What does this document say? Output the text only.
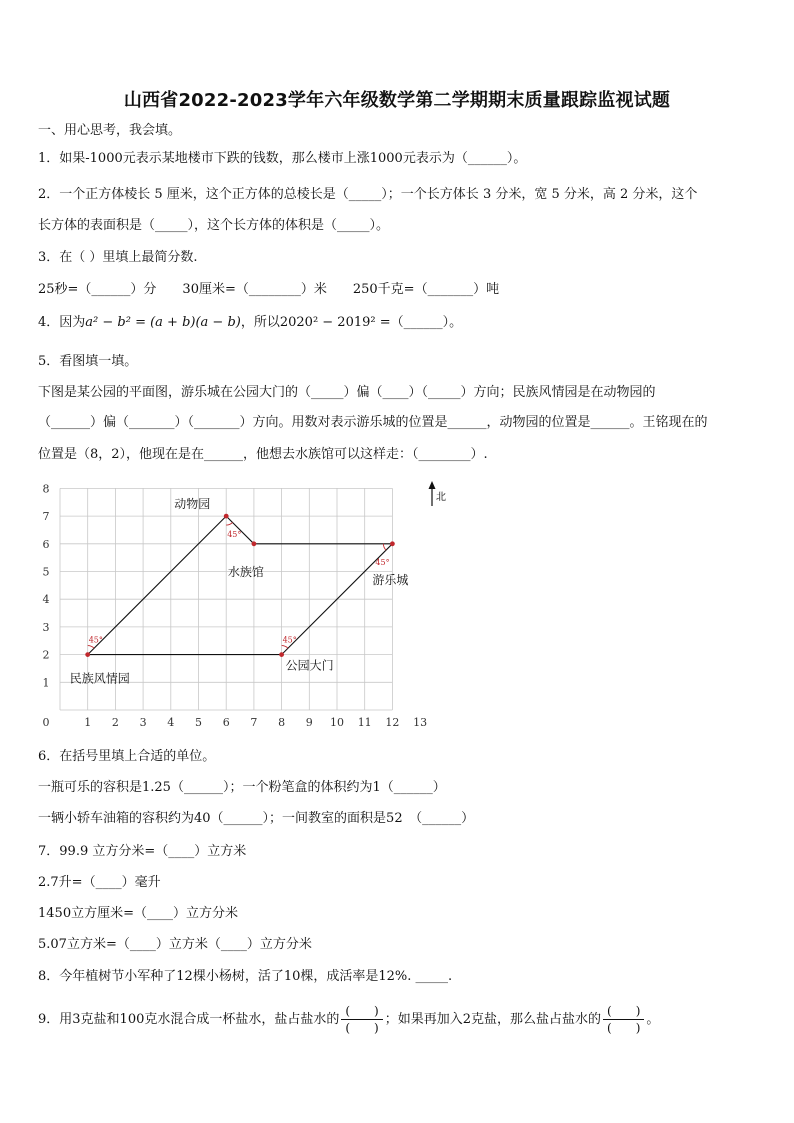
山西省2022-2023学年六年级数学第二学期期末质量跟踪监视试题
一、用心思考，我会填。
1．如果-1000元表示某地楼市下跌的钱数，那么楼市上涨1000元表示为（______）。
2．一个正方体棱长 5 厘米，这个正方体的总棱长是（_____）；一个长方体长 3 分米，宽 5 分米，高 2 分米，这个
长方体的表面积是（_____），这个长方体的体积是（_____）。
3．在（ ）里填上最简分数.
25秒=（______）分　　30厘米=（________）米　　250千克=（_______）吨
4．因为a² − b² = (a + b)(a − b)，所以2020² − 2019² =（______）。
5．看图填一填。
下图是某公园的平面图，游乐城在公园大门的（_____）偏（____）（_____）方向；民族风情园是在动物园的
（______）偏（_______）（_______）方向。用数对表示游乐城的位置是______，动物园的位置是______。王铭现在的
位置是（8，2），他现在是在______，他想去水族馆可以这样走：（________）.
0	1 2 3 4 5 6 7 8 9 10 11 12 13
1
2
3
4
5
6
7
8
45°	45°
45°
45°
动物园
水族馆
游乐城
民族风情园
公园大门
北
6．在括号里填上合适的单位。
一瓶可乐的容积是1.25（______）；一个粉笔盒的体积约为1（______）
一辆小轿车油箱的容积约为40（______）；一间教室的面积是52　（______）
7．99.9 立方分米=（____）立方米
2.7升=（____）毫升
1450立方厘米=（____）立方分米
5.07立方米=（____）立方米（____）立方分米
8．今年植树节小军种了12棵小杨树，活了10棵，成活率是12%. _____.
9．用3克盐和100克水混合成一杯盐水，盐占盐水的 $\frac{( )}{( )}$ ；如果再加入2克盐，那么盐占盐水的 $\frac{( )}{( )}$ 。
